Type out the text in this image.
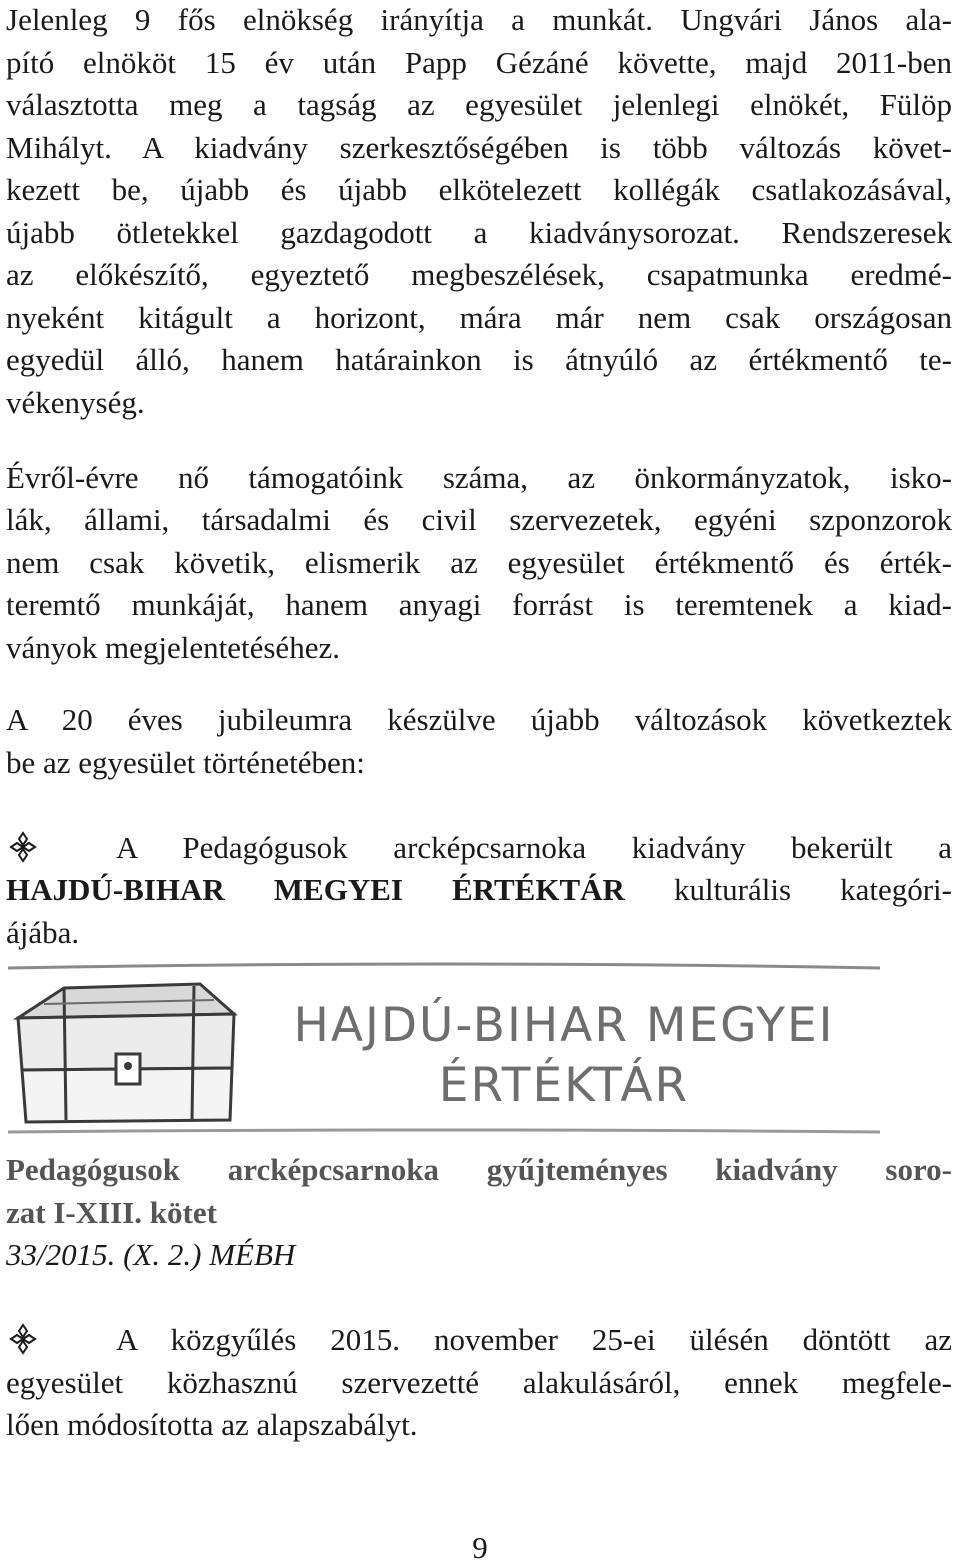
Jelenleg 9 fős elnökség irányítja a munkát. Ungvári János ala-
pító elnököt 15 év után Papp Gézáné követte, majd 2011-ben
választotta meg a tagság az egyesület jelenlegi elnökét, Fülöp
Mihályt. A kiadvány szerkesztőségében is több változás követ-
kezett be, újabb és újabb elkötelezett kollégák csatlakozásával,
újabb ötletekkel gazdagodott a kiadványsorozat. Rendszeresek
az előkészítő, egyeztető megbeszélések, csapatmunka eredmé-
nyeként kitágult a horizont, mára már nem csak országosan
egyedül álló, hanem határainkon is átnyúló az értékmentő te-
vékenység.
Évről-évre nő támogatóink száma, az önkormányzatok, isko-
lák, állami, társadalmi és civil szervezetek, egyéni szponzorok
nem csak követik, elismerik az egyesület értékmentő és érték-
teremtő munkáját, hanem anyagi forrást is teremtenek a kiad-
ványok megjelentetéséhez.
A 20 éves jubileumra készülve újabb változások következtek
be az egyesület történetében:
A Pedagógusok arcképcsarnoka kiadvány bekerült a
HAJDÚ-BIHAR MEGYEI ÉRTÉKTÁR kulturális kategóri-
ájába.
HAJDÚ-BIHAR MEGYEI
ÉRTÉKTÁR
Pedagógusok arcképcsarnoka gyűjteményes kiadvány soro-
zat I-XIII. kötet
33/2015. (X. 2.) MÉBH
A közgyűlés 2015. november 25-ei ülésén döntött az
egyesület közhasznú szervezetté alakulásáról, ennek megfele-
lően módosította az alapszabályt.
9
